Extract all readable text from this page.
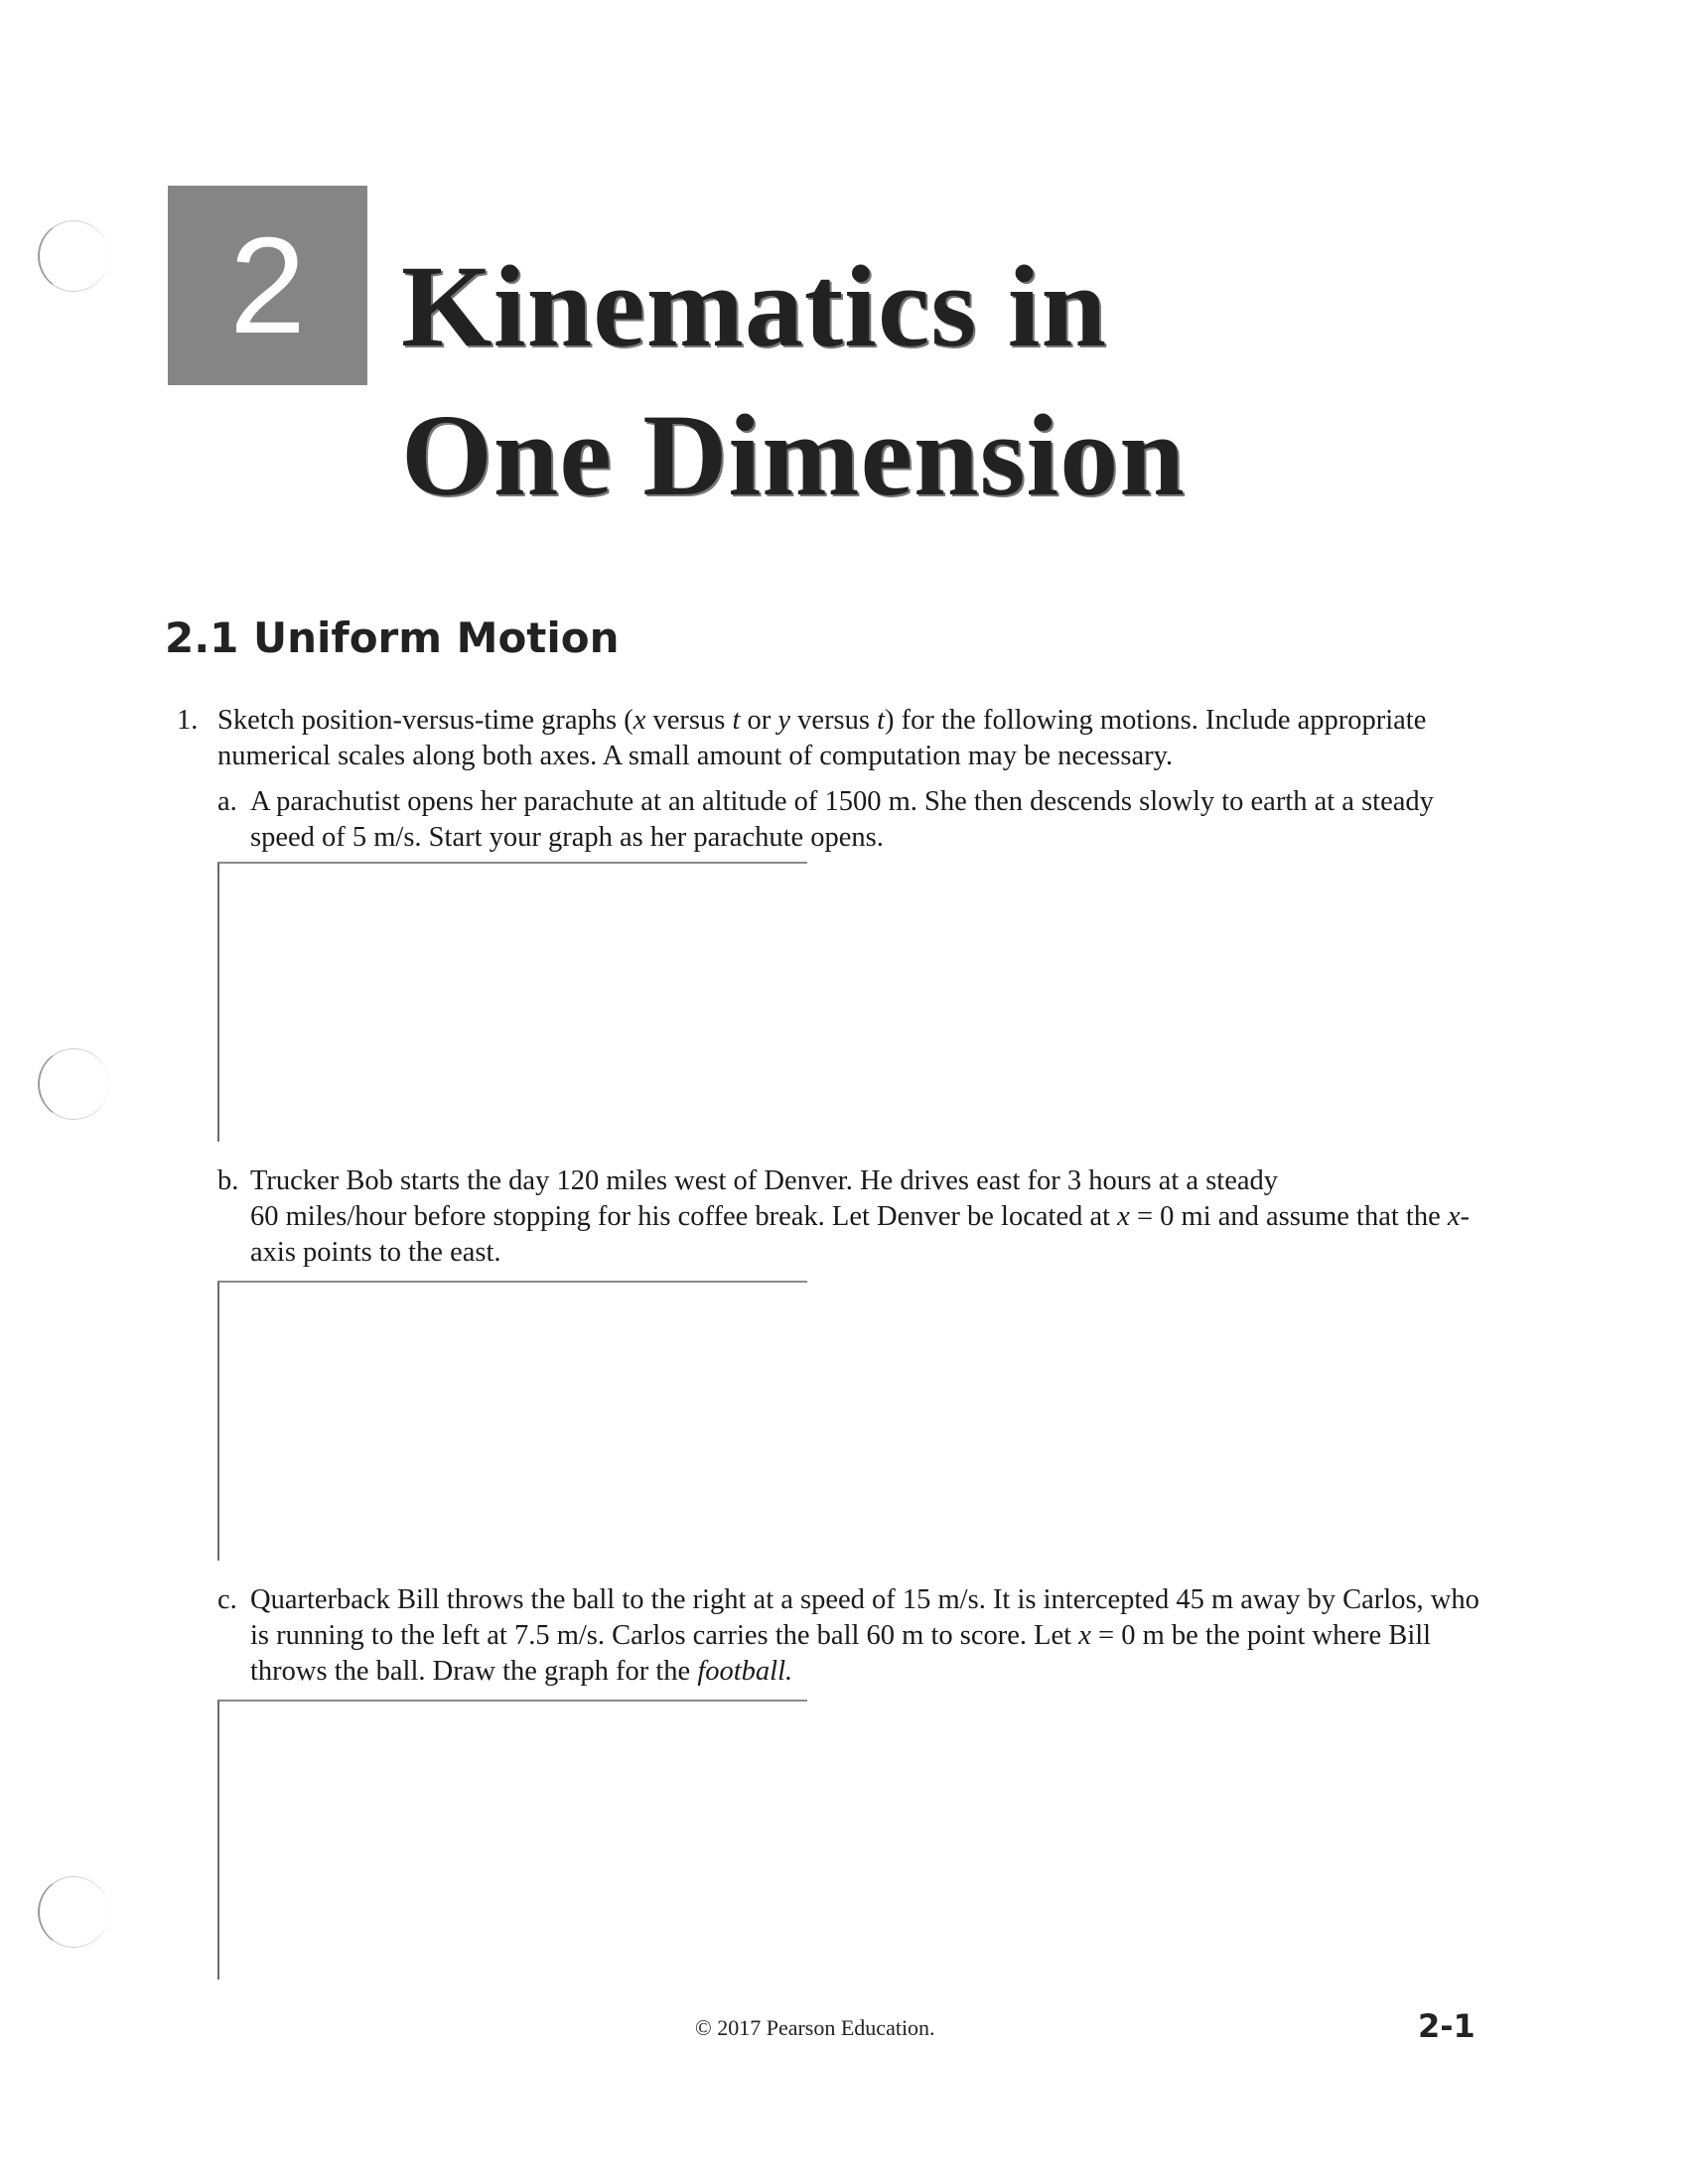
2 Kinematics in
One Dimension
2.1 Uniform Motion
1. Sketch position-versus-time graphs (x versus t or y versus t) for the following motions. Include appropriate numerical scales along both axes. A small amount of computation may be necessary.
a. A parachutist opens her parachute at an altitude of 1500 m. She then descends slowly to earth at a steady speed of 5 m/s. Start your graph as her parachute opens.
b. Trucker Bob starts the day 120 miles west of Denver. He drives east for 3 hours at a steady
60 miles/hour before stopping for his coffee break. Let Denver be located at x = 0 mi and assume that the x-axis points to the east.
c. Quarterback Bill throws the ball to the right at a speed of 15 m/s. It is intercepted 45 m away by Carlos, who is running to the left at 7.5 m/s. Carlos carries the ball 60 m to score. Let x = 0 m be the point where Bill throws the ball. Draw the graph for the football.
© 2017 Pearson Education.	2-1
